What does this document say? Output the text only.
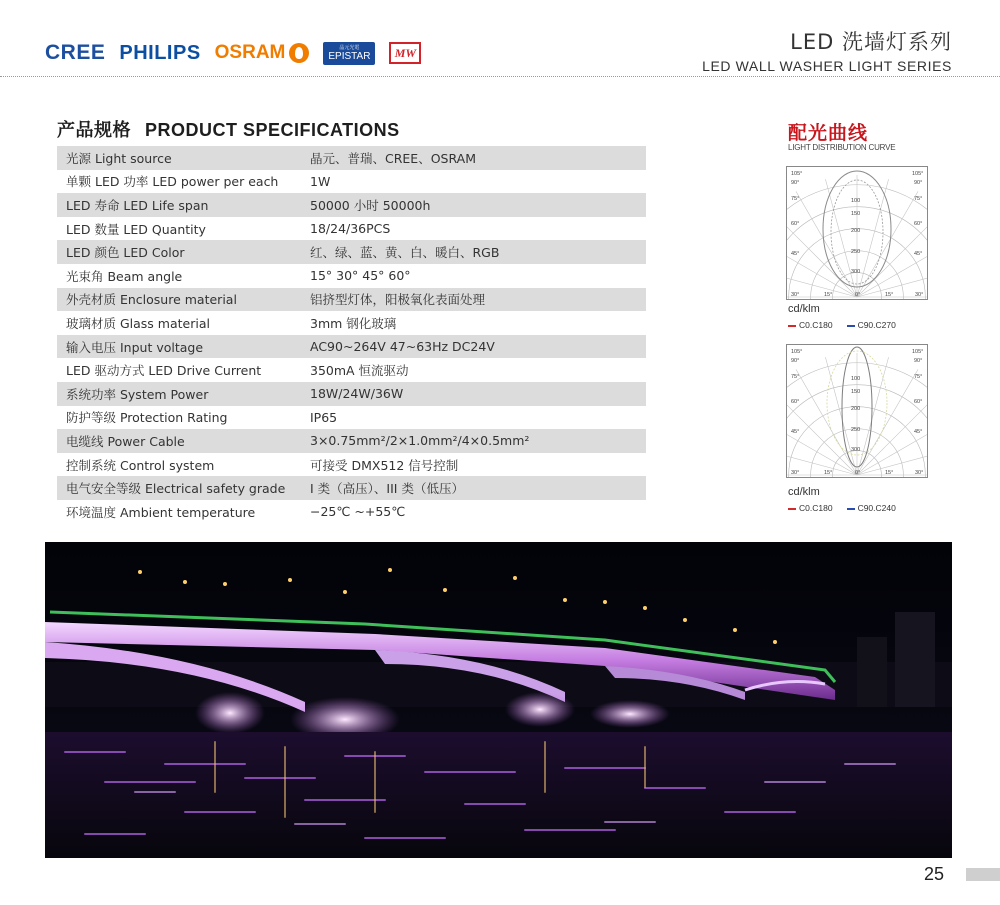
CREE PHILIPS OSRAM	晶元光電
EPISTAR	MW	LED 洗墙灯系列
LED WALL WASHER LIGHT SERIES
产品规格 PRODUCT SPECIFICATIONS
光源 Light source	晶元、普瑞、CREE、OSRAM
单颗 LED 功率 LED power per each	1W
LED 寿命 LED Life span	50000 小时 50000h
LED 数量 LED Quantity	18/24/36PCS
LED 颜色 LED Color	红、绿、蓝、黄、白、暖白、RGB
光束角 Beam angle	15° 30° 45° 60°
外壳材质 Enclosure material	铝挤型灯体，阳极氧化表面处理
玻璃材质 Glass material	3mm 钢化玻璃
输入电压 Input voltage	AC90~264V 47~63Hz DC24V
LED 驱动方式 LED Drive Current	350mA 恒流驱动
系统功率 System Power	18W/24W/36W
防护等级 Protection Rating	IP65
电缆线 Power Cable	3×0.75mm²/2×1.0mm²/4×0.5mm²
控制系统 Control system	可接受 DMX512 信号控制
电气安全等级 Electrical safety grade	I 类（高压）、III 类（低压）
环境温度 Ambient temperature	−25℃ ~+55℃
配光曲线
LIGHT DISTRIBUTION CURVE
105°	105°
90°	90°
75°	75°
60°	60°
45°	45°
30°	15°	0°	15°	30°
100
150
200
250
300
cd/klm
C0.C180	C90.C270
105°	105°
90°	90°
75°	75°
60°	60°
45°	45°
30°	15°	0°	15°	30°
100
150
200
250
300
cd/klm
C0.C180	C90.C240
25
